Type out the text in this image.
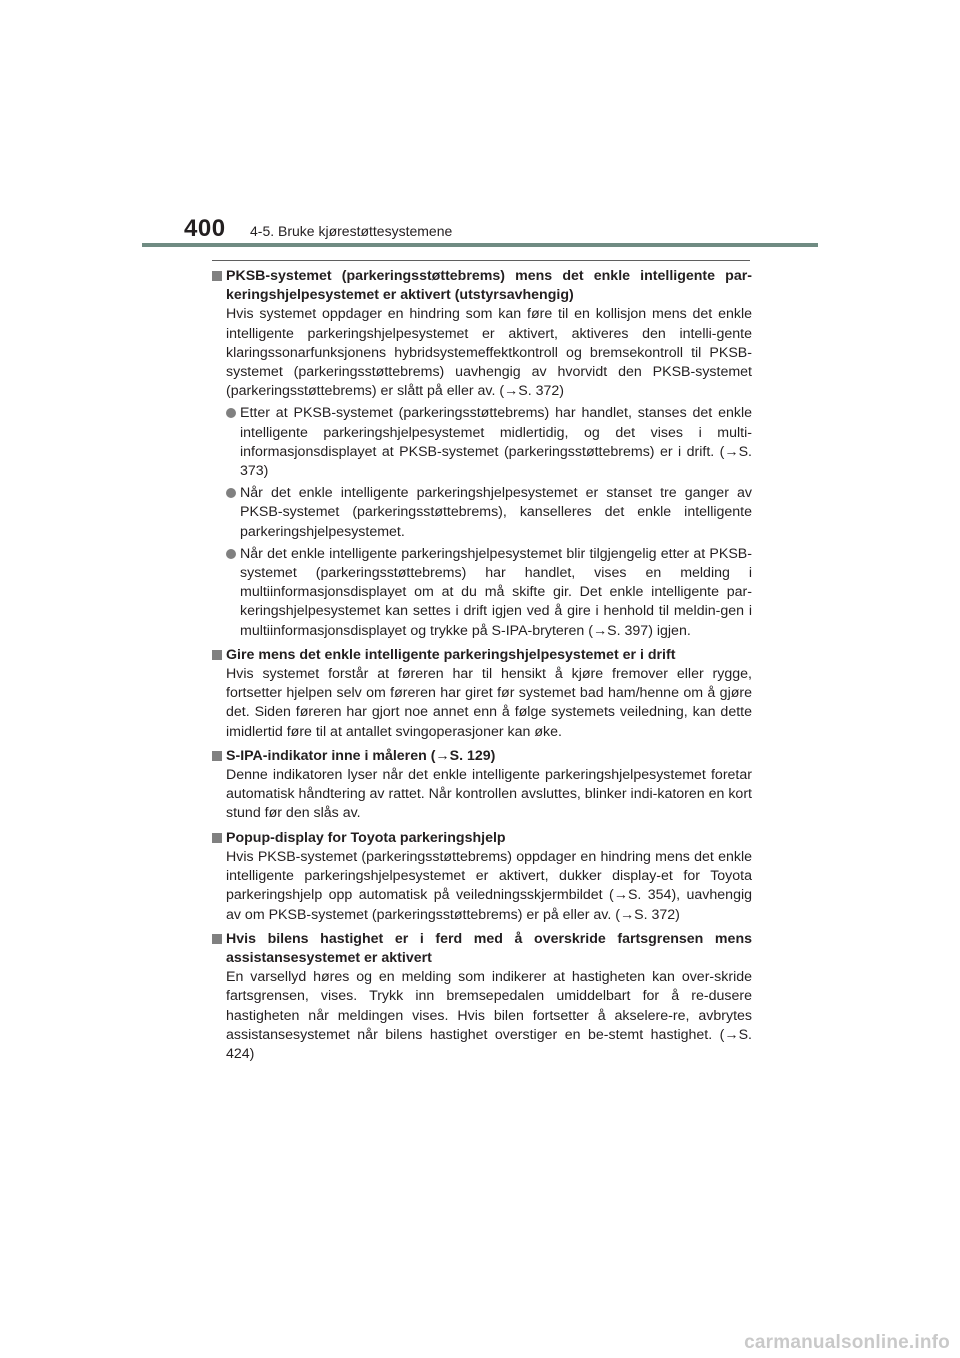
400 4-5. Bruke kjørestøttesystemene
PKSB-systemet (parkeringsstøttebrems) mens det enkle intelligente par-keringshjelpesystemet er aktivert (utstyrsavhengig)
Hvis systemet oppdager en hindring som kan føre til en kollisjon mens det enkle intelligente parkeringshjelpesystemet er aktivert, aktiveres den intelli-gente klaringssonarfunksjonens hybridsystemeffektkontroll og bremsekontroll til PKSB-systemet (parkeringsstøttebrems) uavhengig av hvorvidt den PKSB-systemet (parkeringsstøttebrems) er slått på eller av. (→S. 372)
Etter at PKSB-systemet (parkeringsstøttebrems) har handlet, stanses det enkle intelligente parkeringshjelpesystemet midlertidig, og det vises i multi-informasjonsdisplayet at PKSB-systemet (parkeringsstøttebrems) er i drift. (→S. 373)
Når det enkle intelligente parkeringshjelpesystemet er stanset tre ganger av PKSB-systemet (parkeringsstøttebrems), kanselleres det enkle intelligente parkeringshjelpesystemet.
Når det enkle intelligente parkeringshjelpesystemet blir tilgjengelig etter at PKSB-systemet (parkeringsstøttebrems) har handlet, vises en melding i multiinformasjonsdisplayet om at du må skifte gir. Det enkle intelligente par-keringshjelpesystemet kan settes i drift igjen ved å gire i henhold til meldin-gen i multiinformasjonsdisplayet og trykke på S-IPA-bryteren (→S. 397) igjen.
Gire mens det enkle intelligente parkeringshjelpesystemet er i drift
Hvis systemet forstår at føreren har til hensikt å kjøre fremover eller rygge, fortsetter hjelpen selv om føreren har giret før systemet bad ham/henne om å gjøre det. Siden føreren har gjort noe annet enn å følge systemets veiledning, kan dette imidlertid føre til at antallet svingoperasjoner kan øke.
S-IPA-indikator inne i måleren (→S. 129)
Denne indikatoren lyser når det enkle intelligente parkeringshjelpesystemet foretar automatisk håndtering av rattet. Når kontrollen avsluttes, blinker indi-katoren en kort stund før den slås av.
Popup-display for Toyota parkeringshjelp
Hvis PKSB-systemet (parkeringsstøttebrems) oppdager en hindring mens det enkle intelligente parkeringshjelpesystemet er aktivert, dukker display-et for Toyota parkeringshjelp opp automatisk på veiledningsskjermbildet (→S. 354), uavhengig av om PKSB-systemet (parkeringsstøttebrems) er på eller av. (→S. 372)
Hvis bilens hastighet er i ferd med å overskride fartsgrensen mens assistansesystemet er aktivert
En varsellyd høres og en melding som indikerer at hastigheten kan over-skride fartsgrensen, vises. Trykk inn bremsepedalen umiddelbart for å re-dusere hastigheten når meldingen vises. Hvis bilen fortsetter å akselere-re, avbrytes assistansesystemet når bilens hastighet overstiger en be-stemt hastighet. (→S. 424)
carmanualsonline.info
